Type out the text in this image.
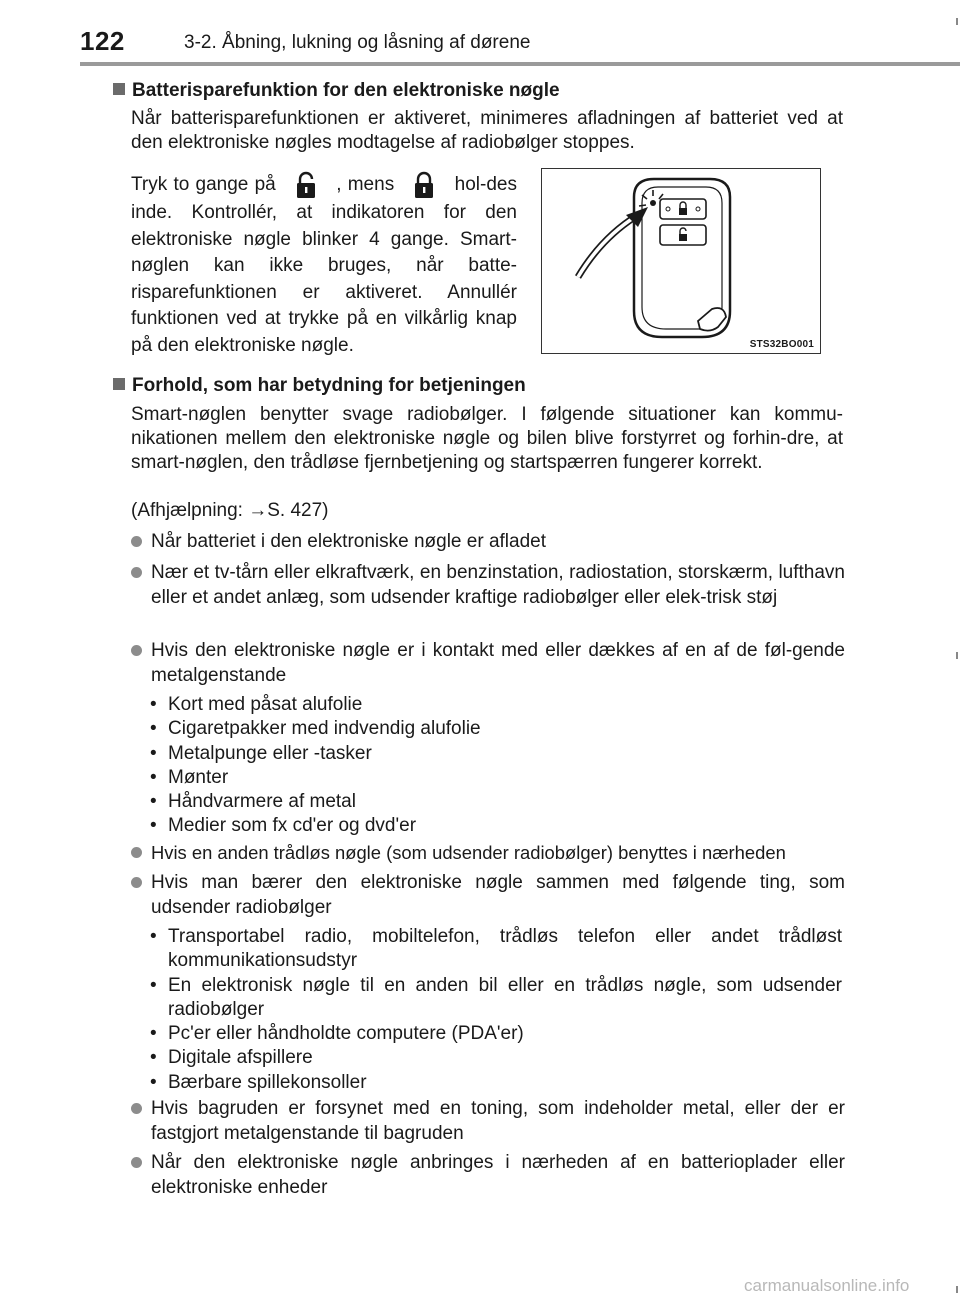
122	3-2. Åbning, lukning og låsning af dørene
Batterisparefunktion for den elektroniske nøgle
Når batterisparefunktionen er aktiveret, minimeres afladningen af batteriet ved at den elektroniske nøgles modtagelse af radiobølger stoppes.
Tryk to gange på	, mens	hol-des inde. Kontrollér, at indikatoren for den elektroniske nøgle blinker 4 gange. Smart-nøglen kan ikke bruges, når batte-risparefunktionen er aktiveret. Annullér funktionen ved at trykke på en vilkårlig knap på den elektroniske nøgle.	STS32BO001
Forhold, som har betydning for betjeningen
Smart-nøglen benytter svage radiobølger. I følgende situationer kan kommu-nikationen mellem den elektroniske nøgle og bilen blive forstyrret og forhin-dre, at smart-nøglen, den trådløse fjernbetjening og startspærren fungerer korrekt.
(Afhjælpning: →S. 427)
Når batteriet i den elektroniske nøgle er afladet
Nær et tv-tårn eller elkraftværk, en benzinstation, radiostation, storskærm, lufthavn eller et andet anlæg, som udsender kraftige radiobølger eller elek-trisk støj
Hvis den elektroniske nøgle er i kontakt med eller dækkes af en af de føl-gende metalgenstande
• Kort med påsat alufolie
• Cigaretpakker med indvendig alufolie
• Metalpunge eller -tasker
• Mønter
• Håndvarmere af metal
• Medier som fx cd'er og dvd'er
Hvis en anden trådløs nøgle (som udsender radiobølger) benyttes i nærheden
Hvis man bærer den elektroniske nøgle sammen med følgende ting, som udsender radiobølger
• Transportabel radio, mobiltelefon, trådløs telefon eller andet trådløst kommunikationsudstyr
• En elektronisk nøgle til en anden bil eller en trådløs nøgle, som udsender radiobølger
• Pc'er eller håndholdte computere (PDA'er)
• Digitale afspillere
• Bærbare spillekonsoller
Hvis bagruden er forsynet med en toning, som indeholder metal, eller der er fastgjort metalgenstande til bagruden
Når den elektroniske nøgle anbringes i nærheden af en batterioplader eller elektroniske enheder
carmanualsonline.info
